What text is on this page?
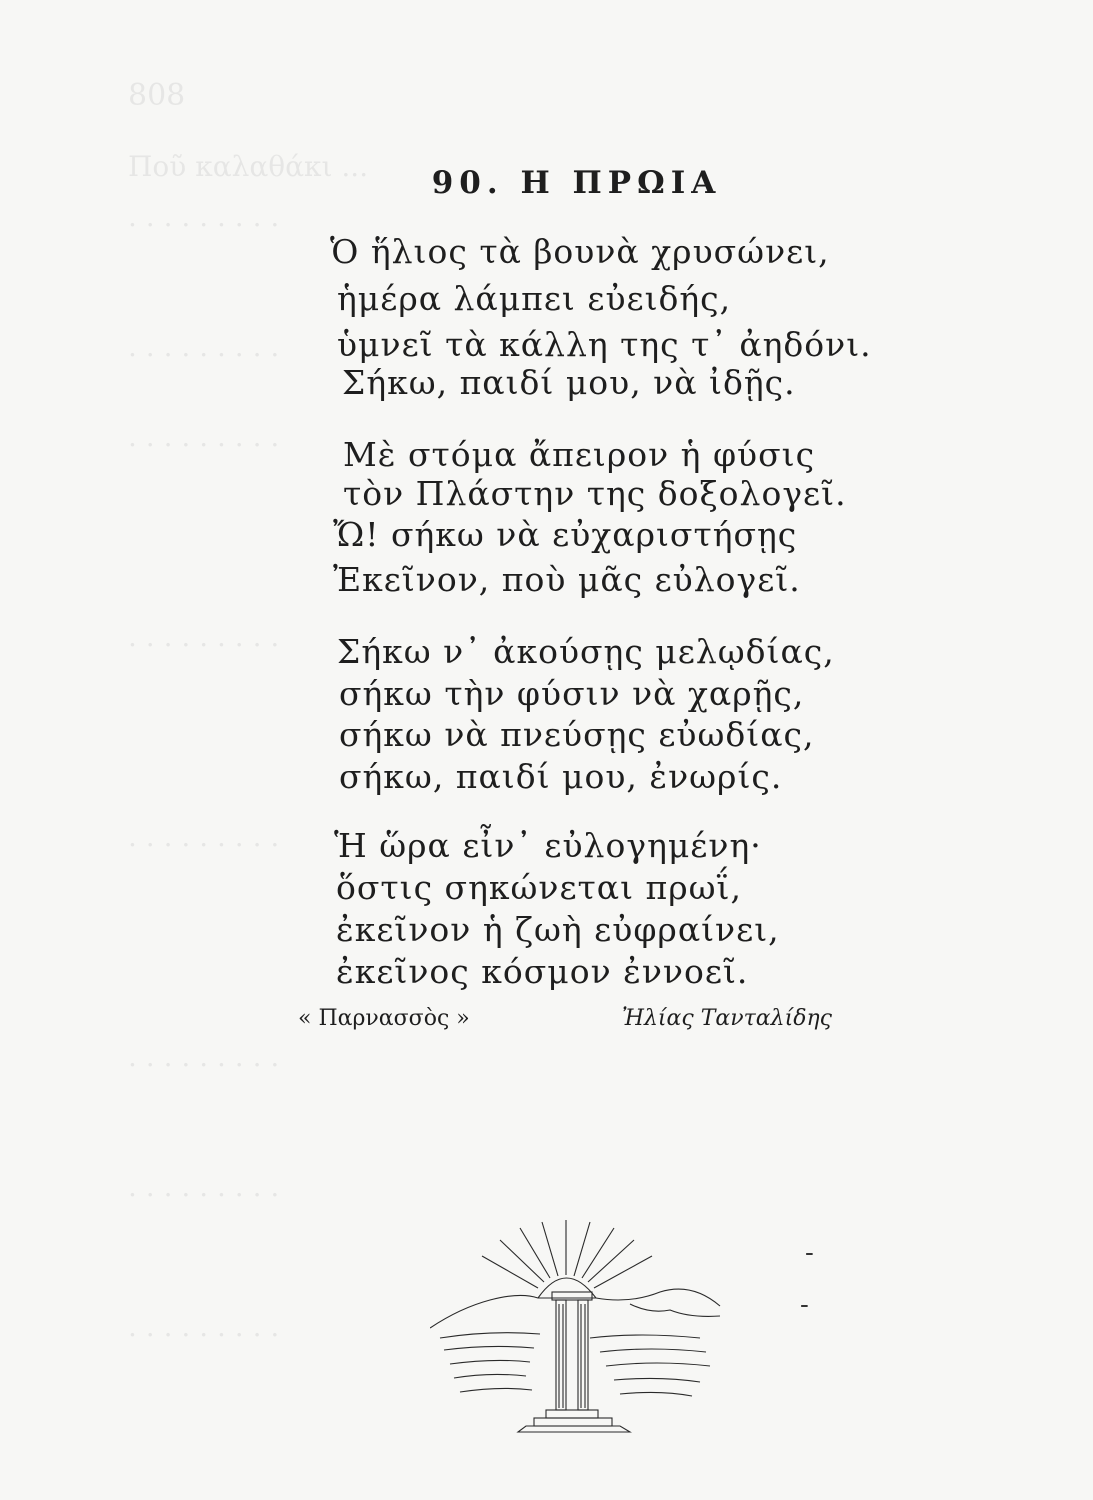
808
Ποῦ καλαθάκι ...
. . . . . . . . .
. . . . . . . . .
. . . . . . . . .
. . . . . . . . .
. . . . . . . . .
. . . . . . . . .
. . . . . . . . .
. . . . . . . . .
90. Η ΠΡΩΙΑ
Ὁ ἥλιος τὰ βουνὰ χρυσώνει,
ἡμέρα λάμπει εὐειδής,
ὑμνεῖ τὰ κάλλη της τ᾿ ἀηδόνι.
Σήκω, παιδί μου, νὰ ἰδῇς.
Μὲ στόμα ἄπειρον ἡ φύσις
τὸν Πλάστην της δοξολογεῖ.
Ὤ! σήκω νὰ εὐχαριστήσῃς
Ἐκεῖνον, ποὺ μᾶς εὐλογεῖ.
Σήκω ν᾿ ἀκούσῃς μελῳδίας,
σήκω τὴν φύσιν νὰ χαρῇς,
σήκω νὰ πνεύσῃς εὐωδίας,
σήκω, παιδί μου, ἐνωρίς.
Ἡ ὥρα εἶν᾿ εὐλογημένη·
ὅστις σηκώνεται πρωΐ,
ἐκεῖνον ἡ ζωὴ εὐφραίνει,
ἐκεῖνος κόσμον ἐννοεῖ.
« Παρνασσὸς »	Ἠλίας Τανταλίδης
-
-
